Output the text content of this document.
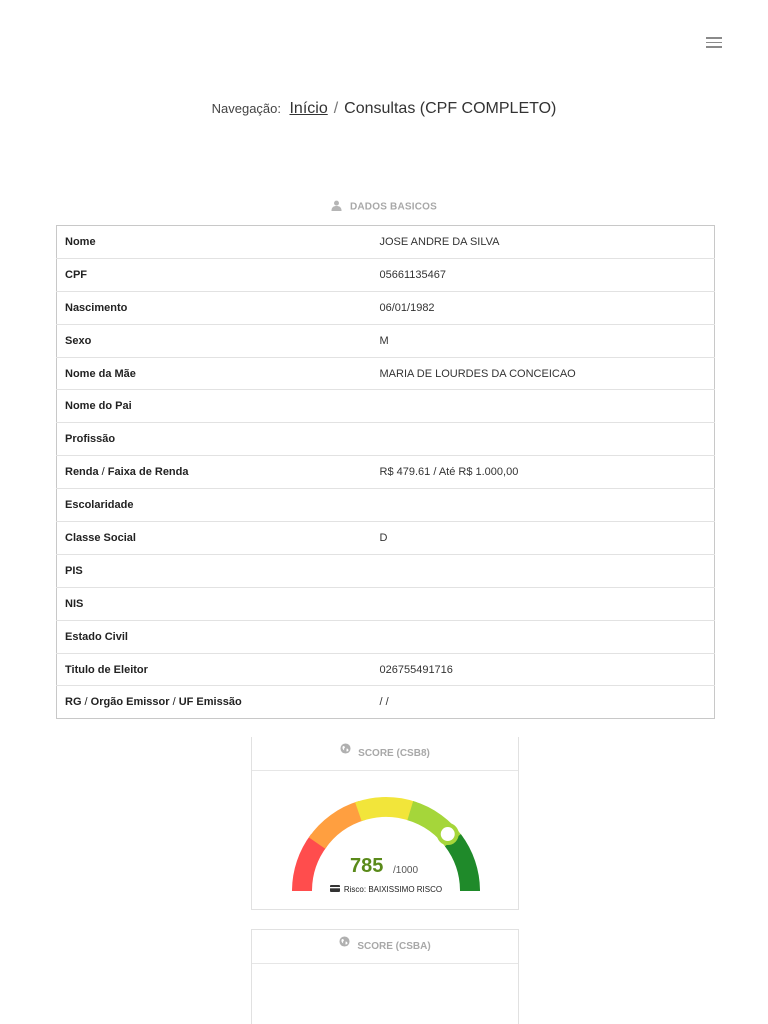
Navegação: Início / Consultas (CPF COMPLETO)
DADOS BASICOS
Nome	JOSE ANDRE DA SILVA
CPF	05661135467
Nascimento	06/01/1982
Sexo	M
Nome da Mãe	MARIA DE LOURDES DA CONCEICAO
Nome do Pai	
Profissão	
Renda / Faixa de Renda	R$ 479.61 / Até R$ 1.000,00
Escolaridade	
Classe Social	D
PIS	
NIS	
Estado Civil	
Titulo de Eleitor	026755491716
RG / Orgão Emissor / UF Emissão	/ /
SCORE (CSB8)
785 /1000
Risco: BAIXISSIMO RISCO
SCORE (CSBA)
